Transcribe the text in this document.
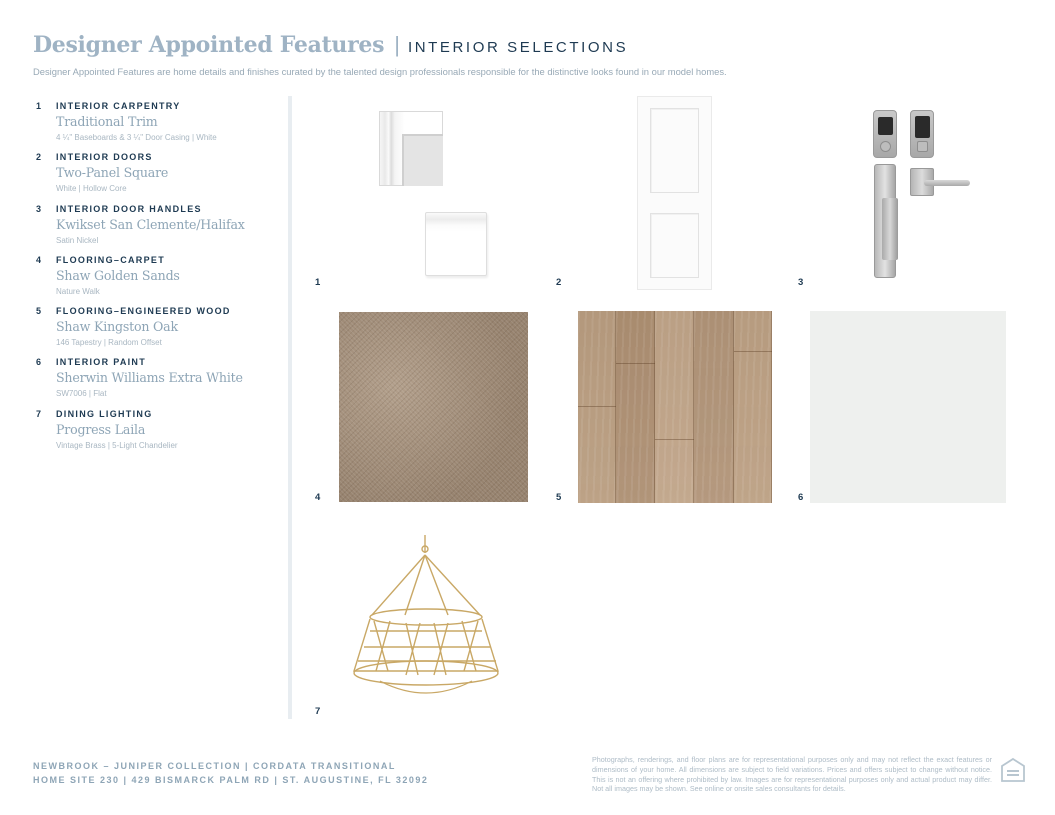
Designer Appointed Features | INTERIOR SELECTIONS
Designer Appointed Features are home details and finishes curated by the talented design professionals responsible for the distinctive looks found in our model homes.
1 INTERIOR CARPENTRY
Traditional Trim
4 ¼" Baseboards & 3 ¼" Door Casing | White
2 INTERIOR DOORS
Two-Panel Square
White | Hollow Core
3 INTERIOR DOOR HANDLES
Kwikset San Clemente/Halifax
Satin Nickel
4 FLOORING–CARPET
Shaw Golden Sands
Nature Walk
5 FLOORING–ENGINEERED WOOD
Shaw Kingston Oak
146 Tapestry | Random Offset
6 INTERIOR PAINT
Sherwin Williams Extra White
SW7006 | Flat
7 DINING LIGHTING
Progress Laila
Vintage Brass | 5-Light Chandelier
1	2	3
4	5	6
7
NEWBROOK – JUNIPER COLLECTION | CORDATA TRANSITIONAL
HOME SITE 230 | 429 BISMARCK PALM RD | ST. AUGUSTINE, FL 32092
Photographs, renderings, and floor plans are for representational purposes only and may not reflect the exact features or dimensions of your home. All dimensions are subject to field variations. Prices and offers subject to change without notice. This is not an offering where prohibited by law. Images are for representational purposes only and actual product may differ. Not all images may be shown. See online or onsite sales consultants for details.
